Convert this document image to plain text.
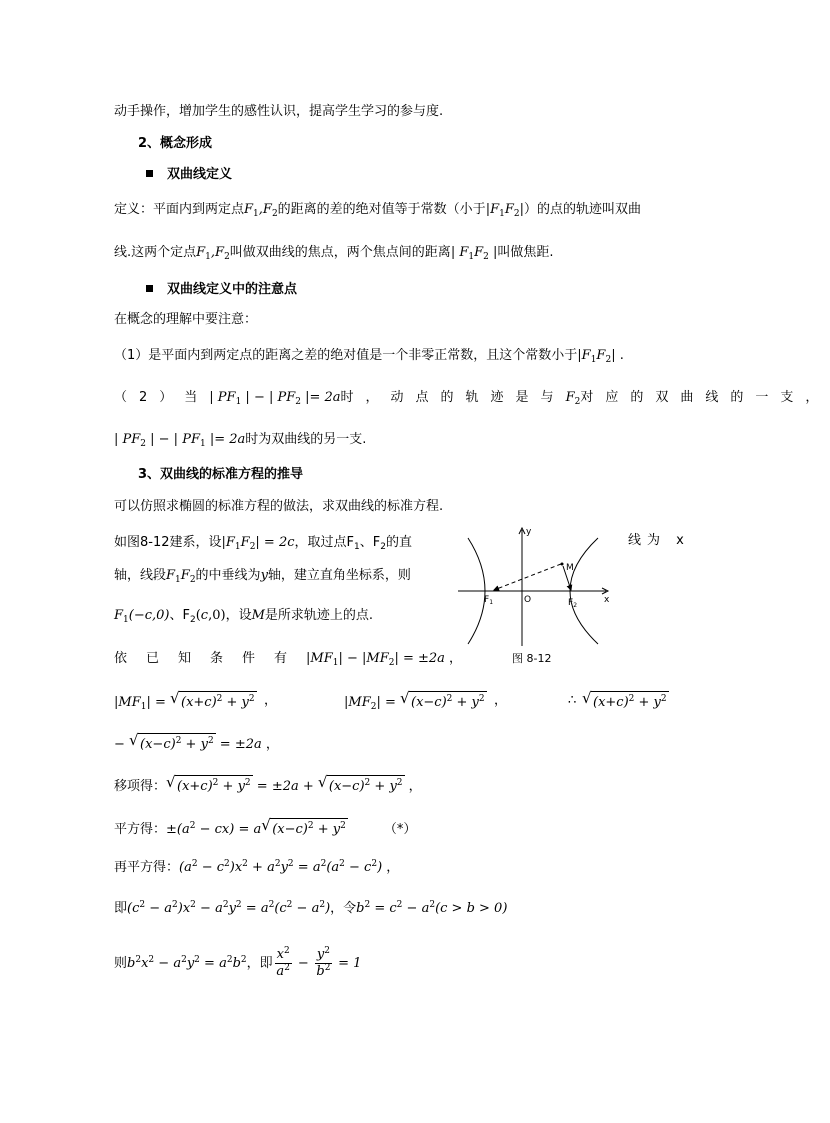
动手操作，增加学生的感性认识，提高学生学习的参与度.
2、概念形成
双曲线定义
定义：平面内到两定点$F_1,F_2$的距离的差的绝对值等于常数（小于$|F_1F_2|$）的点的轨迹叫双曲
线.这两个定点$F_1,F_2$叫做双曲线的焦点，两个焦点间的距离| $F_1F_2$ |叫做焦距.
双曲线定义中的注意点
在概念的理解中要注意：
（1）是平面内到两定点的距离之差的绝对值是一个非零正常数，且这个常数小于$|F_1F_2|$ .
（2）当 | $PF_1$ | − | $PF_2$ |= 2a 时，动点的轨迹是与 $F_2$ 对应的双曲线的一支，
| $PF_2$ | − | $PF_1$ |= 2a时为双曲线的另一支.
3、双曲线的标准方程的推导
可以仿照求椭圆的标准方程的做法，求双曲线的标准方程.
如图8-12建系，设$|F_1F_2| = 2c$，取过点$F_1$、$F_2$的直	线为 x
轴，线段$F_1F_2$的中垂线为y轴，建立直角坐标系，则
$F_1(-c,0)$、$F_2(c,0)$，设M是所求轨迹上的点.
依已知条件有$|MF_1| - |MF_2| = \pm 2a$ ，
$|MF_1|$ = √ $(x+c)^2 + y^2$ ，	$|MF_2|$ = √ $(x-c)^2 + y^2$ ，	∴ √ $(x+c)^2 + y^2$
− √ $(x-c)^2 + y^2 = \pm 2a$ ，
移项得： √ $(x+c)^2 + y^2 = \pm 2a$ + √ $(x-c)^2 + y^2$ ，
平方得：$\pm(a^2 - cx) = a$ √ $(x-c)^2 + y^2$	（*）
再平方得：$(a^2 - c^2)x^2 + a^2y^2 = a^2(a^2 - c^2)$ ，
即$(c^2 - a^2)x^2 - a^2y^2 = a^2(c^2 - a^2)$，令$b^2 = c^2 - a^2(c > b > 0)$
则$b^2x^2 - a^2y^2 = a^2b^2$，即 $\frac{x^2}{a^2} - \frac{y^2}{b^2} = 1$
M
y
x
O
$F_1$	$F_2$
图 8-12
